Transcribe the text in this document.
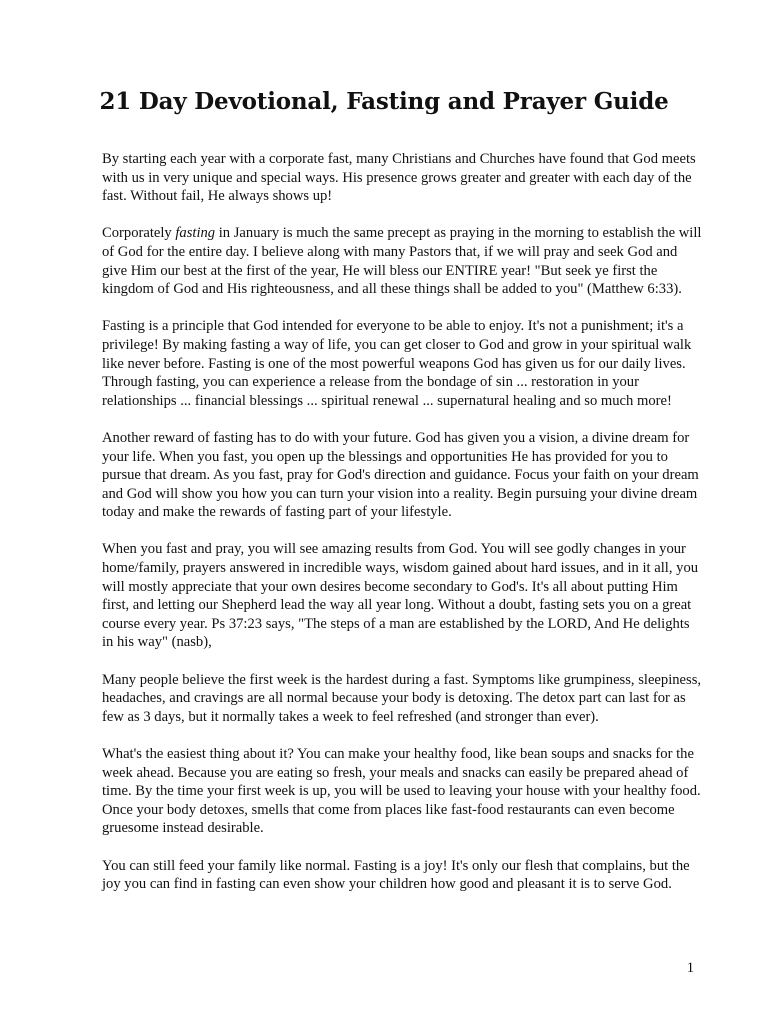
21 Day Devotional, Fasting and Prayer Guide

By starting each year with a corporate fast, many Christians and Churches have found that God meets with us in very unique and special ways. His presence grows greater and greater with each day of the fast. Without fail, He always shows up!

Corporately fasting in January is much the same precept as praying in the morning to establish the will of God for the entire day. I believe along with many Pastors that, if we will pray and seek God and give Him our best at the first of the year, He will bless our ENTIRE year! "But seek ye first the kingdom of God and His righteousness, and all these things shall be added to you" (Matthew 6:33).

Fasting is a principle that God intended for everyone to be able to enjoy. It's not a punishment; it's a privilege! By making fasting a way of life, you can get closer to God and grow in your spiritual walk like never before. Fasting is one of the most powerful weapons God has given us for our daily lives. Through fasting, you can experience a release from the bondage of sin ... restoration in your relationships ... financial blessings ... spiritual renewal ... supernatural healing and so much more!

Another reward of fasting has to do with your future. God has given you a vision, a divine dream for your life. When you fast, you open up the blessings and opportunities He has provided for you to pursue that dream. As you fast, pray for God's direction and guidance. Focus your faith on your dream and God will show you how you can turn your vision into a reality. Begin pursuing your divine dream today and make the rewards of fasting part of your lifestyle.

When you fast and pray, you will see amazing results from God. You will see godly changes in your home/family, prayers answered in incredible ways, wisdom gained about hard issues, and in it all, you will mostly appreciate that your own desires become secondary to God's. It's all about putting Him first, and letting our Shepherd lead the way all year long. Without a doubt, fasting sets you on a great course every year. Ps 37:23 says, "The steps of a man are established by the LORD, And He delights in his way" (nasb),

Many people believe the first week is the hardest during a fast. Symptoms like grumpiness, sleepiness, headaches, and cravings are all normal because your body is detoxing. The detox part can last for as few as 3 days, but it normally takes a week to feel refreshed (and stronger than ever).

What's the easiest thing about it? You can make your healthy food, like bean soups and snacks for the week ahead. Because you are eating so fresh, your meals and snacks can easily be prepared ahead of time. By the time your first week is up, you will be used to leaving your house with your healthy food. Once your body detoxes, smells that come from places like fast-food restaurants can even become gruesome instead desirable.

You can still feed your family like normal. Fasting is a joy! It's only our flesh that complains, but the joy you can find in fasting can even show your children how good and pleasant it is to serve God.

1
